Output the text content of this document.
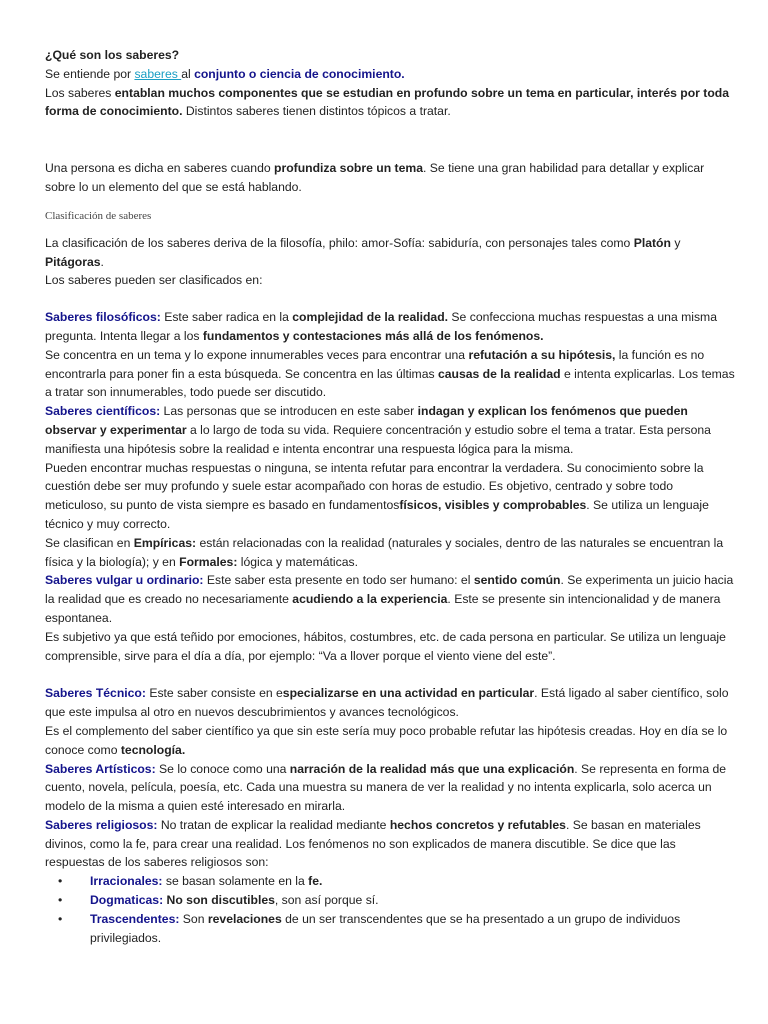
¿Qué son los saberes?

Se entiende por saberes al conjunto o ciencia de conocimiento.

Los saberes entablan muchos componentes que se estudian en profundo sobre un tema en particular, interés por toda forma de conocimiento. Distintos saberes tienen distintos tópicos a tratar.

Una persona es dicha en saberes cuando profundiza sobre un tema. Se tiene una gran habilidad para detallar y explicar sobre lo un elemento del que se está hablando.

Clasificación de saberes

La clasificación de los saberes deriva de la filosofía, philo: amor-Sofía: sabiduría, con personajes tales como Platón y Pitágoras.

Los saberes pueden ser clasificados en:

Saberes filosóficos: Este saber radica en la complejidad de la realidad. Se confecciona muchas respuestas a una misma pregunta. Intenta llegar a los fundamentos y contestaciones más allá de los fenómenos.

Se concentra en un tema y lo expone innumerables veces para encontrar una refutación a su hipótesis, la función es no encontrarla para poner fin a esta búsqueda. Se concentra en las últimas causas de la realidad e intenta explicarlas. Los temas a tratar son innumerables, todo puede ser discutido.

Saberes científicos: Las personas que se introducen en este saber indagan y explican los fenómenos que pueden observar y experimentar a lo largo de toda su vida. Requiere concentración y estudio sobre el tema a tratar. Esta persona manifiesta una hipótesis sobre la realidad e intenta encontrar una respuesta lógica para la misma.

Pueden encontrar muchas respuestas o ninguna, se intenta refutar para encontrar la verdadera. Su conocimiento sobre la cuestión debe ser muy profundo y suele estar acompañado con horas de estudio. Es objetivo, centrado y sobre todo meticuloso, su punto de vista siempre es basado en fundamentosfísicos, visibles y comprobables. Se utiliza un lenguaje técnico y muy correcto.

Se clasifican en Empíricas: están relacionadas con la realidad (naturales y sociales, dentro de las naturales se encuentran la física y la biología); y en Formales: lógica y matemáticas.

Saberes vulgar u ordinario: Este saber esta presente en todo ser humano: el sentido común. Se experimenta un juicio hacia la realidad que es creado no necesariamente acudiendo a la experiencia. Este se presente sin intencionalidad y de manera espontanea.

Es subjetivo ya que está teñido por emociones, hábitos, costumbres, etc. de cada persona en particular. Se utiliza un lenguaje comprensible, sirve para el día a día, por ejemplo: “Va a llover porque el viento viene del este”.

Saberes Técnico: Este saber consiste en especializarse en una actividad en particular. Está ligado al saber científico, solo que este impulsa al otro en nuevos descubrimientos y avances tecnológicos.

Es el complemento del saber científico ya que sin este sería muy poco probable refutar las hipótesis creadas. Hoy en día se lo conoce como tecnología.

Saberes Artísticos: Se lo conoce como una narración de la realidad más que una explicación. Se representa en forma de cuento, novela, película, poesía, etc. Cada una muestra su manera de ver la realidad y no intenta explicarla, solo acerca un modelo de la misma a quien esté interesado en mirarla.

Saberes religiosos: No tratan de explicar la realidad mediante hechos concretos y refutables. Se basan en materiales divinos, como la fe, para crear una realidad. Los fenómenos no son explicados de manera discutible. Se dice que las respuestas de los saberes religiosos son:

• Irracionales: se basan solamente en la fe.
• Dogmaticas: No son discutibles, son así porque sí.
• Trascendentes: Son revelaciones de un ser transcendentes que se ha presentado a un grupo de individuos privilegiados.
